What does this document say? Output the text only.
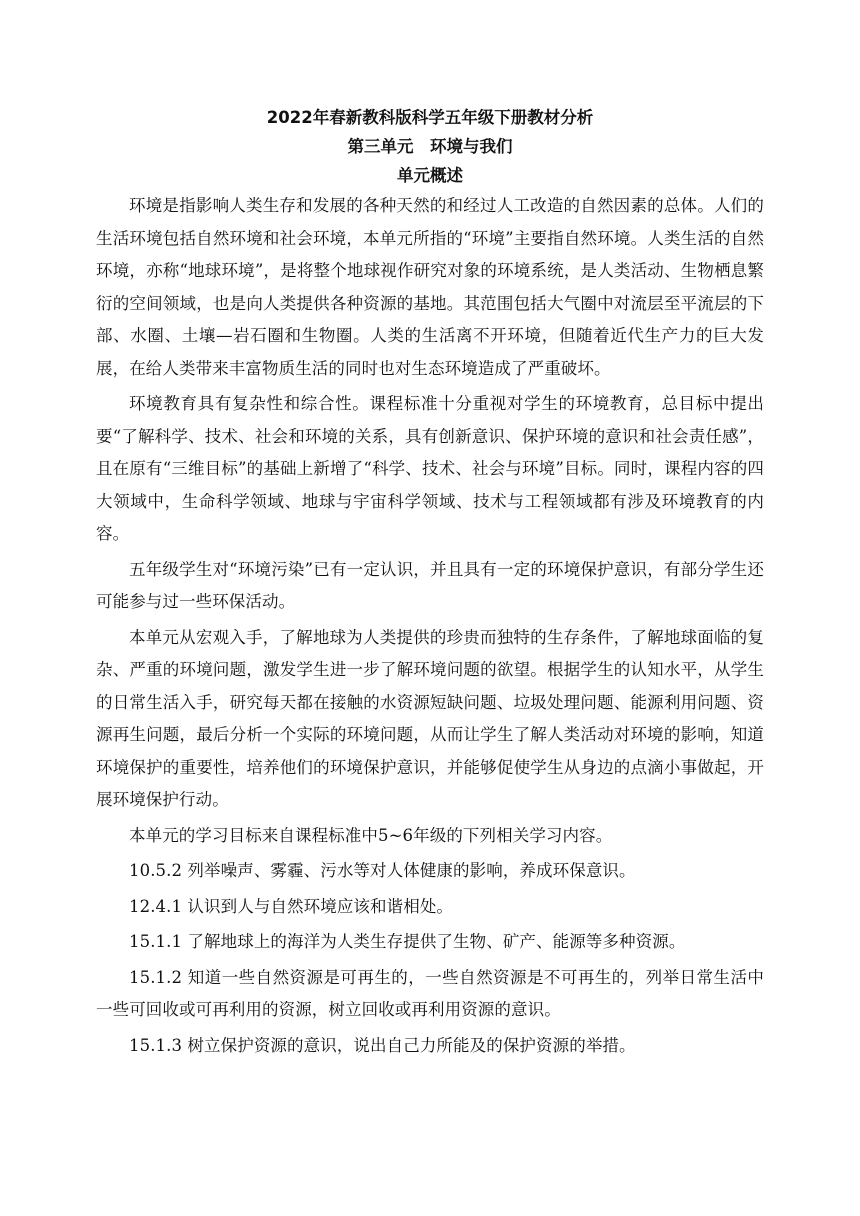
2022年春新教科版科学五年级下册教材分析

第三单元　环境与我们

单元概述

环境是指影响人类生存和发展的各种天然的和经过人工改造的自然因素的总体。人们的生活环境包括自然环境和社会环境，本单元所指的“环境”主要指自然环境。人类生活的自然环境，亦称“地球环境”，是将整个地球视作研究对象的环境系统，是人类活动、生物栖息繁衍的空间领域，也是向人类提供各种资源的基地。其范围包括大气圈中对流层至平流层的下部、水圈、土壤—岩石圈和生物圈。人类的生活离不开环境，但随着近代生产力的巨大发展，在给人类带来丰富物质生活的同时也对生态环境造成了严重破坏。

环境教育具有复杂性和综合性。课程标准十分重视对学生的环境教育，总目标中提出要“了解科学、技术、社会和环境的关系，具有创新意识、保护环境的意识和社会责任感”，且在原有“三维目标”的基础上新增了“科学、技术、社会与环境”目标。同时，课程内容的四大领域中，生命科学领域、地球与宇宙科学领域、技术与工程领域都有涉及环境教育的内容。

五年级学生对“环境污染”已有一定认识，并且具有一定的环境保护意识，有部分学生还可能参与过一些环保活动。

本单元从宏观入手，了解地球为人类提供的珍贵而独特的生存条件，了解地球面临的复杂、严重的环境问题，激发学生进一步了解环境问题的欲望。根据学生的认知水平，从学生的日常生活入手，研究每天都在接触的水资源短缺问题、垃圾处理问题、能源利用问题、资源再生问题，最后分析一个实际的环境问题，从而让学生了解人类活动对环境的影响，知道环境保护的重要性，培养他们的环境保护意识，并能够促使学生从身边的点滴小事做起，开展环境保护行动。

本单元的学习目标来自课程标准中5~6年级的下列相关学习内容。

10.5.2 列举噪声、雾霾、污水等对人体健康的影响，养成环保意识。

12.4.1 认识到人与自然环境应该和谐相处。

15.1.1 了解地球上的海洋为人类生存提供了生物、矿产、能源等多种资源。

15.1.2 知道一些自然资源是可再生的，一些自然资源是不可再生的，列举日常生活中一些可回收或可再利用的资源，树立回收或再利用资源的意识。

15.1.3 树立保护资源的意识，说出自己力所能及的保护资源的举措。
